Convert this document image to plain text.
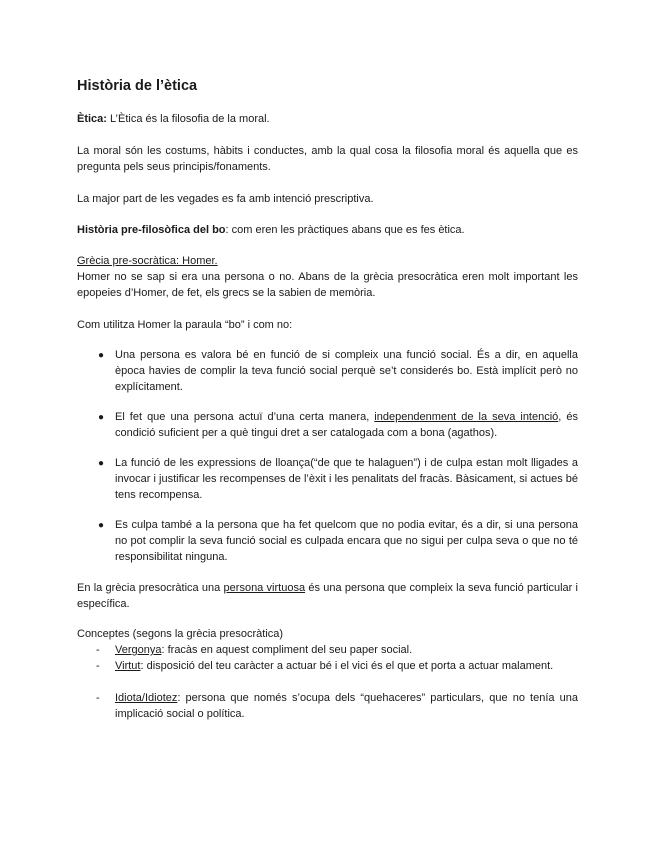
Història de l’ètica

Ètica: L’Ètica és la filosofia de la moral.

La moral són les costums, hàbits i conductes, amb la qual cosa la filosofia moral és aquella que es pregunta pels seus principis/fonaments.

La major part de les vegades es fa amb intenció prescriptiva.

Història pre-filosòfica del bo: com eren les pràctiques abans que es fes ètica.

Grècia pre-socràtica: Homer.

Homer no se sap si era una persona o no. Abans de la grècia presocràtica eren molt important les epopeies d’Homer, de fet, els grecs se la sabien de memòria.

Com utilitza Homer la paraula “bo” i com no:

● Una persona es valora bé en funció de si compleix una funció social. És a dir, en aquella època havies de complir la teva funció social perquè se’t considerés bo. Està implícit però no explícitament.

● El fet que una persona actuï d’una certa manera, independenment de la seva intenció, és condició suficient per a què tingui dret a ser catalogada com a bona (agathos).

● La funció de les expressions de lloança(“de que te halaguen”) i de culpa estan molt lligades a invocar i justificar les recompenses de l’èxit i les penalitats del fracàs. Bàsicament, si actues bé tens recompensa.

● Es culpa també a la persona que ha fet quelcom que no podia evitar, és a dir, si una persona no pot complir la seva funció social es culpada encara que no sigui per culpa seva o que no té responsibilitat ninguna.

En la grècia presocràtica una persona virtuosa és una persona que compleix la seva funció particular i específica.

Conceptes (segons la grècia presocràtica)

- Vergonya: fracàs en aquest compliment del seu paper social.

- Virtut: disposició del teu caràcter a actuar bé i el vici és el que et porta a actuar malament.

- Idiota/Idiotez: persona que només s’ocupa dels “quehaceres” particulars, que no tenía una implicació social o política.
